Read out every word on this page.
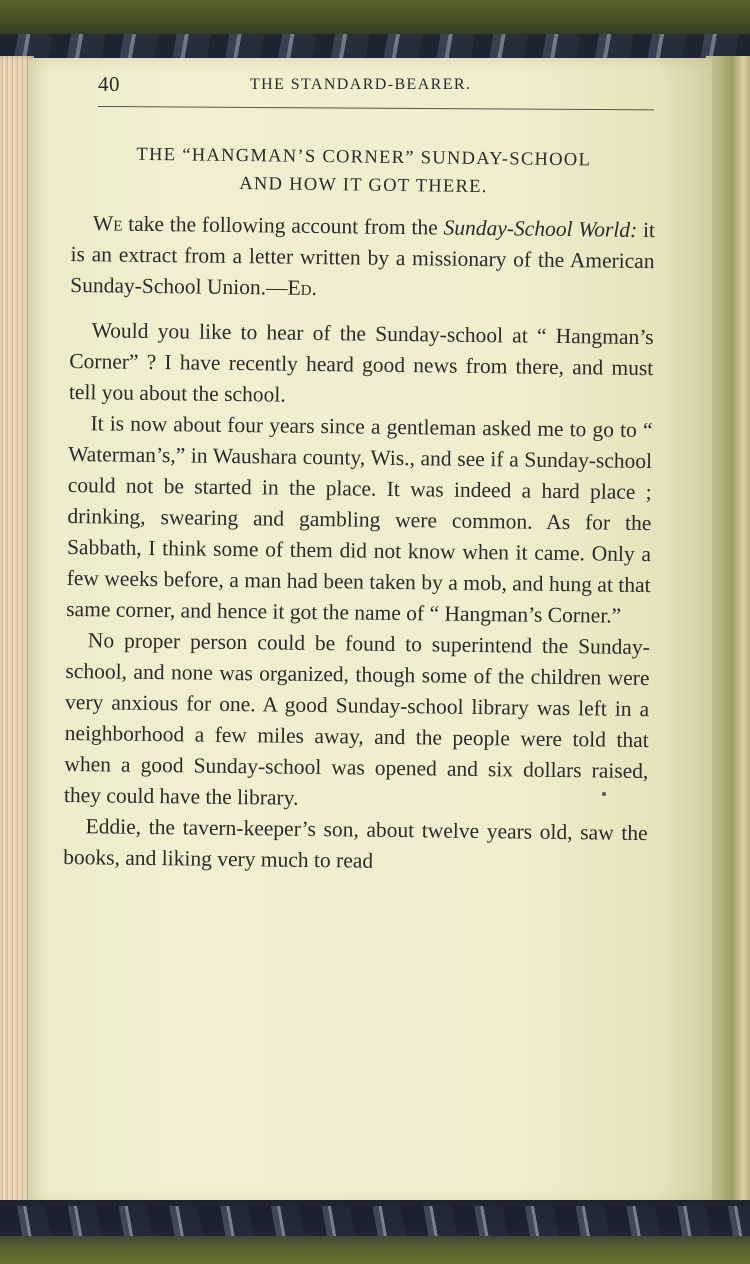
40	THE STANDARD-BEARER.
THE “HANGMAN’S CORNER” SUNDAY-SCHOOL
AND HOW IT GOT THERE.

We take the following account from the Sunday-School World: it is an extract from a letter written by a missionary of the American Sunday-School Union.—Ed.

Would you like to hear of the Sunday-school at “ Hangman’s Corner” ? I have recently heard good news from there, and must tell you about the school.

It is now about four years since a gentleman asked me to go to “ Waterman’s,” in Waushara county, Wis., and see if a Sunday-school could not be started in the place. It was indeed a hard place ; drinking, swearing and gambling were common. As for the Sabbath, I think some of them did not know when it came. Only a few weeks before, a man had been taken by a mob, and hung at that same corner, and hence it got the name of “ Hangman’s Corner.”

No proper person could be found to superintend the Sunday-school, and none was organized, though some of the children were very anxious for one. A good Sunday-school library was left in a neighborhood a few miles away, and the people were told that when a good Sunday-school was opened and six dollars raised, they could have the library.

Eddie, the tavern-keeper’s son, about twelve years old, saw the books, and liking very much to read
